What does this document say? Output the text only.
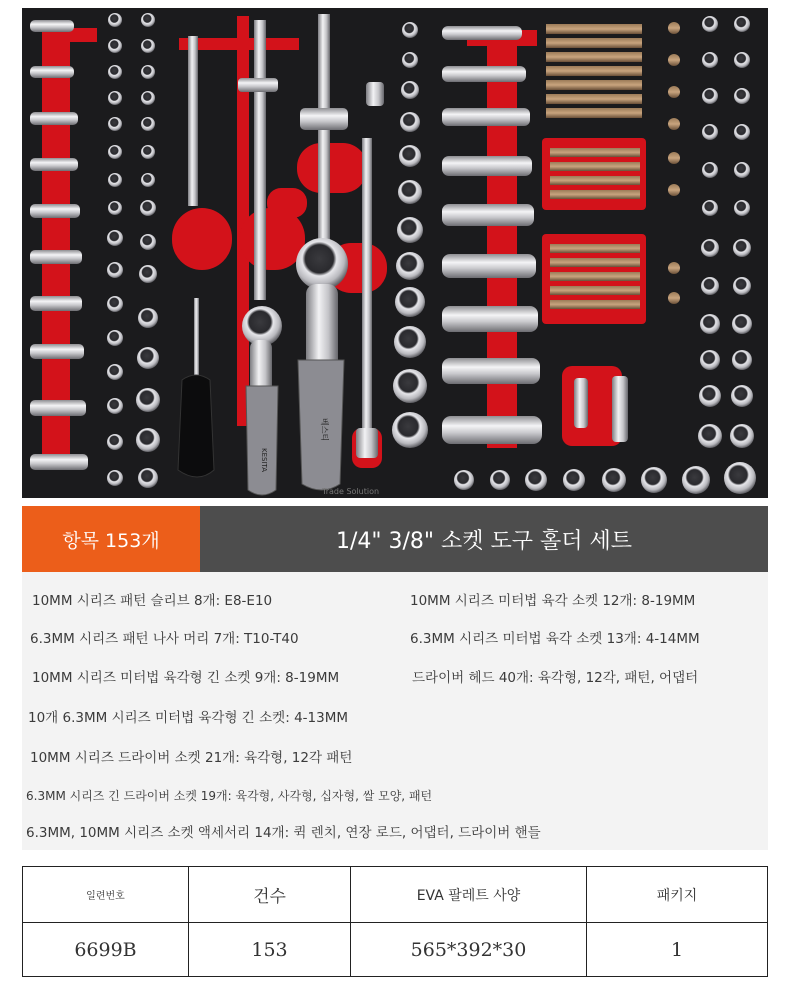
KESITA
베스티
Trade Solution
항목 153개	1/4" 3/8" 소켓 도구 홀더 세트
10MM 시리즈 패턴 슬리브 8개: E8-E10	10MM 시리즈 미터법 육각 소켓 12개: 8-19MM
6.3MM 시리즈 패턴 나사 머리 7개: T10-T40	6.3MM 시리즈 미터법 육각 소켓 13개: 4-14MM
10MM 시리즈 미터법 육각형 긴 소켓 9개: 8-19MM	드라이버 헤드 40개: 육각형, 12각, 패턴, 어댑터
10개 6.3MM 시리즈 미터법 육각형 긴 소켓: 4-13MM
10MM 시리즈 드라이버 소켓 21개: 육각형, 12각 패턴
6.3MM 시리즈 긴 드라이버 소켓 19개: 육각형, 사각형, 십자형, 쌀 모양, 패턴
6.3MM, 10MM 시리즈 소켓 액세서리 14개: 퀵 렌치, 연장 로드, 어댑터, 드라이버 핸들
일련번호	건수	EVA 팔레트 사양	패키지
6699B	153	565*392*30	1
